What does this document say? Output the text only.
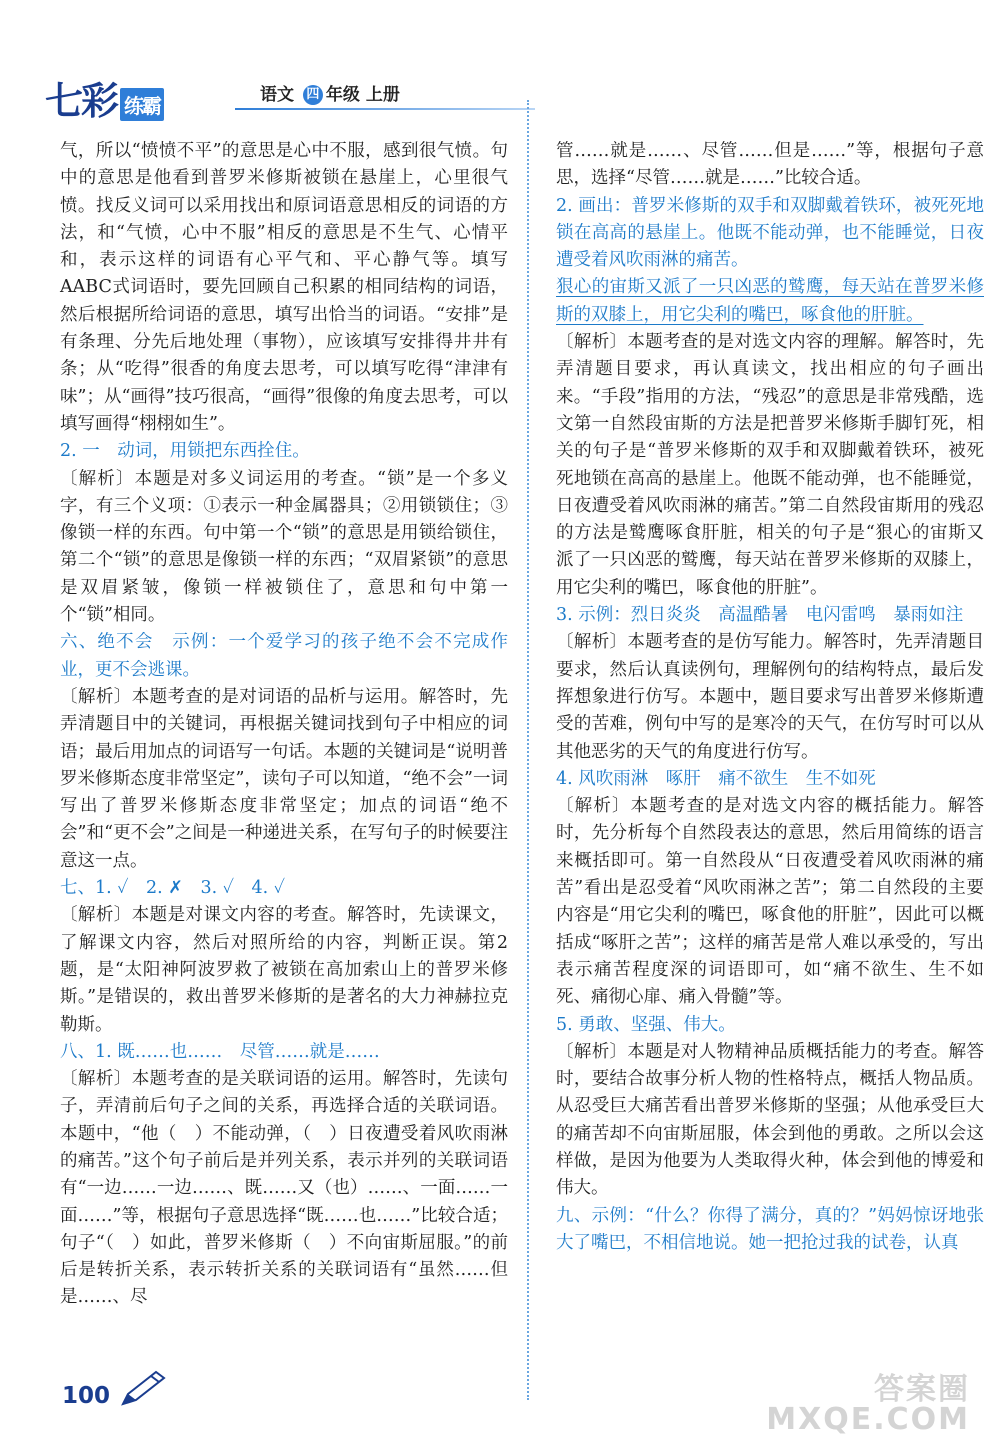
七彩 练霸	语文 四 年级 上册

气，所以“愤愤不平”的意思是心中不服，感到很气愤。句中的意思是他看到普罗米修斯被锁在悬崖上，心里很气愤。找反义词可以采用找出和原词语意思相反的词语的方法，和“气愤，心中不服”相反的意思是不生气、心情平和，表示这样的词语有心平气和、平心静气等。填写AABC式词语时，要先回顾自己积累的相同结构的词语，然后根据所给词语的意思，填写出恰当的词语。“安排”是有条理、分先后地处理（事物），应该填写安排得井井有条；从“吃得”很香的角度去思考，可以填写吃得“津津有味”；从“画得”技巧很高，“画得”很像的角度去思考，可以填写画得“栩栩如生”。

2. 一　动词，用锁把东西拴住。

〔解析〕本题是对多义词运用的考查。“锁”是一个多义字，有三个义项：①表示一种金属器具；②用锁锁住；③像锁一样的东西。句中第一个“锁”的意思是用锁给锁住，第二个“锁”的意思是像锁一样的东西；“双眉紧锁”的意思是双眉紧皱，像锁一样被锁住了，意思和句中第一个“锁”相同。

六、绝不会　示例：一个爱学习的孩子绝不会不完成作业，更不会逃课。

〔解析〕本题考查的是对词语的品析与运用。解答时，先弄清题目中的关键词，再根据关键词找到句子中相应的词语；最后用加点的词语写一句话。本题的关键词是“说明普罗米修斯态度非常坚定”，读句子可以知道，“绝不会”一词写出了普罗米修斯态度非常坚定；加点的词语“绝不会”和“更不会”之间是一种递进关系，在写句子的时候要注意这一点。

七、1. ✓　2. ✗　3. ✓　4. ✓

〔解析〕本题是对课文内容的考查。解答时，先读课文，了解课文内容，然后对照所给的内容，判断正误。第2题，是“太阳神阿波罗救了被锁在高加索山上的普罗米修斯。”是错误的，救出普罗米修斯的是著名的大力神赫拉克勒斯。

八、1. 既……也……　尽管……就是……

〔解析〕本题考查的是关联词语的运用。解答时，先读句子，弄清前后句子之间的关系，再选择合适的关联词语。本题中，“他（　）不能动弹，（　）日夜遭受着风吹雨淋的痛苦。”这个句子前后是并列关系，表示并列的关联词语有“一边……一边……、既……又（也）……、一面……一面……”等，根据句子意思选择“既……也……”比较合适；句子“（　）如此，普罗米修斯（　）不向宙斯屈服。”的前后是转折关系，表示转折关系的关联词语有“虽然……但是……、尽

管……就是……、尽管……但是……”等，根据句子意思，选择“尽管……就是……”比较合适。

2. 画出：普罗米修斯的双手和双脚戴着铁环，被死死地锁在高高的悬崖上。他既不能动弹，也不能睡觉，日夜遭受着风吹雨淋的痛苦。

狠心的宙斯又派了一只凶恶的鹫鹰，每天站在普罗米修斯的双膝上，用它尖利的嘴巴，啄食他的肝脏。

〔解析〕本题考查的是对选文内容的理解。解答时，先弄清题目要求，再认真读文，找出相应的句子画出来。“手段”指用的方法，“残忍”的意思是非常残酷，选文第一自然段宙斯的方法是把普罗米修斯手脚钉死，相关的句子是“普罗米修斯的双手和双脚戴着铁环，被死死地锁在高高的悬崖上。他既不能动弹，也不能睡觉，日夜遭受着风吹雨淋的痛苦。”第二自然段宙斯用的残忍的方法是鹫鹰啄食肝脏，相关的句子是“狠心的宙斯又派了一只凶恶的鹫鹰，每天站在普罗米修斯的双膝上，用它尖利的嘴巴，啄食他的肝脏”。

3. 示例：烈日炎炎　高温酷暑　电闪雷鸣　暴雨如注

〔解析〕本题考查的是仿写能力。解答时，先弄清题目要求，然后认真读例句，理解例句的结构特点，最后发挥想象进行仿写。本题中，题目要求写出普罗米修斯遭受的苦难，例句中写的是寒冷的天气，在仿写时可以从其他恶劣的天气的角度进行仿写。

4. 风吹雨淋　啄肝　痛不欲生　生不如死

〔解析〕本题考查的是对选文内容的概括能力。解答时，先分析每个自然段表达的意思，然后用简练的语言来概括即可。第一自然段从“日夜遭受着风吹雨淋的痛苦”看出是忍受着“风吹雨淋之苦”；第二自然段的主要内容是“用它尖利的嘴巴，啄食他的肝脏”，因此可以概括成“啄肝之苦”；这样的痛苦是常人难以承受的，写出表示痛苦程度深的词语即可，如“痛不欲生、生不如死、痛彻心扉、痛入骨髓”等。

5. 勇敢、坚强、伟大。

〔解析〕本题是对人物精神品质概括能力的考查。解答时，要结合故事分析人物的性格特点，概括人物品质。从忍受巨大痛苦看出普罗米修斯的坚强；从他承受巨大的痛苦却不向宙斯屈服，体会到他的勇敢。之所以会这样做，是因为他要为人类取得火种，体会到他的博爱和伟大。

九、示例：“什么？你得了满分，真的？”妈妈惊讶地张大了嘴巴，不相信地说。她一把抢过我的试卷，认真

100	答案圈
MXQE.COM
